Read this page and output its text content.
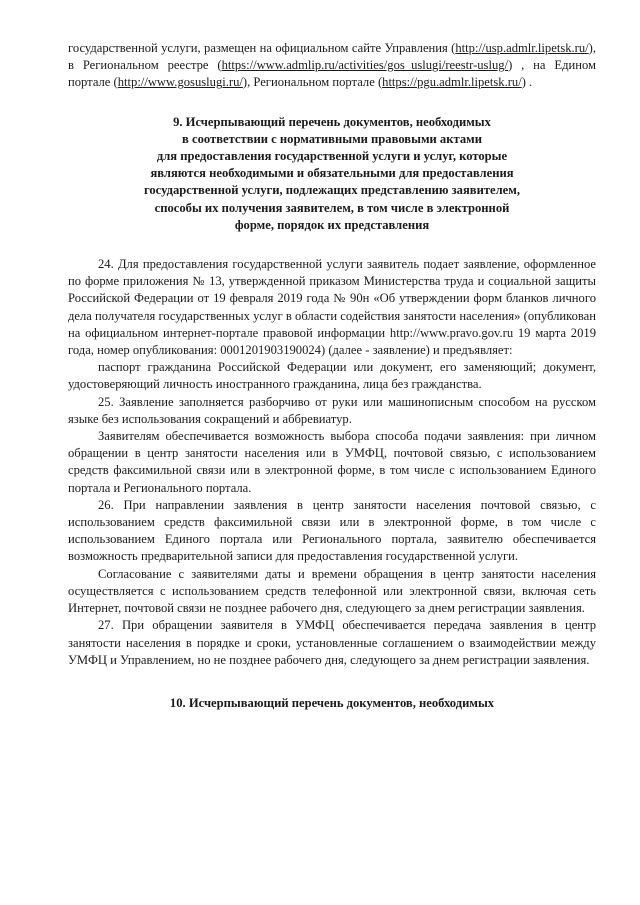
государственной услуги, размещен на официальном сайте Управления (http://usp.admlr.lipetsk.ru/), в Региональном реестре (https://www.admlip.ru/activities/gos_uslugi/reestr-uslug/) , на Едином портале (http://www.gosuslugi.ru/), Региональном портале (https://pgu.admlr.lipetsk.ru/) .

9. Исчерпывающий перечень документов, необходимых
в соответствии с нормативными правовыми актами
для предоставления государственной услуги и услуг, которые
являются необходимыми и обязательными для предоставления
государственной услуги, подлежащих представлению заявителем,
способы их получения заявителем, в том числе в электронной
форме, порядок их представления

24. Для предоставления государственной услуги заявитель подает заявление, оформленное по форме приложения № 13, утвержденной приказом Министерства труда и социальной защиты Российской Федерации от 19 февраля 2019 года № 90н «Об утверждении форм бланков личного дела получателя государственных услуг в области содействия занятости населения» (опубликован на официальном интернет-портале правовой информации http://www.pravo.gov.ru 19 марта 2019 года, номер опубликования: 0001201903190024) (далее - заявление) и предъявляет:

паспорт гражданина Российской Федерации или документ, его заменяющий; документ, удостоверяющий личность иностранного гражданина, лица без гражданства.

25. Заявление заполняется разборчиво от руки или машинописным способом на русском языке без использования сокращений и аббревиатур.

Заявителям обеспечивается возможность выбора способа подачи заявления: при личном обращении в центр занятости населения или в УМФЦ, почтовой связью, с использованием средств факсимильной связи или в электронной форме, в том числе с использованием Единого портала и Регионального портала.

26. При направлении заявления в центр занятости населения почтовой связью, с использованием средств факсимильной связи или в электронной форме, в том числе с использованием Единого портала или Регионального портала, заявителю обеспечивается возможность предварительной записи для предоставления государственной услуги.

Согласование с заявителями даты и времени обращения в центр занятости населения осуществляется с использованием средств телефонной или электронной связи, включая сеть Интернет, почтовой связи не позднее рабочего дня, следующего за днем регистрации заявления.

27. При обращении заявителя в УМФЦ обеспечивается передача заявления в центр занятости населения в порядке и сроки, установленные соглашением о взаимодействии между УМФЦ и Управлением, но не позднее рабочего дня, следующего за днем регистрации заявления.

10. Исчерпывающий перечень документов, необходимых
